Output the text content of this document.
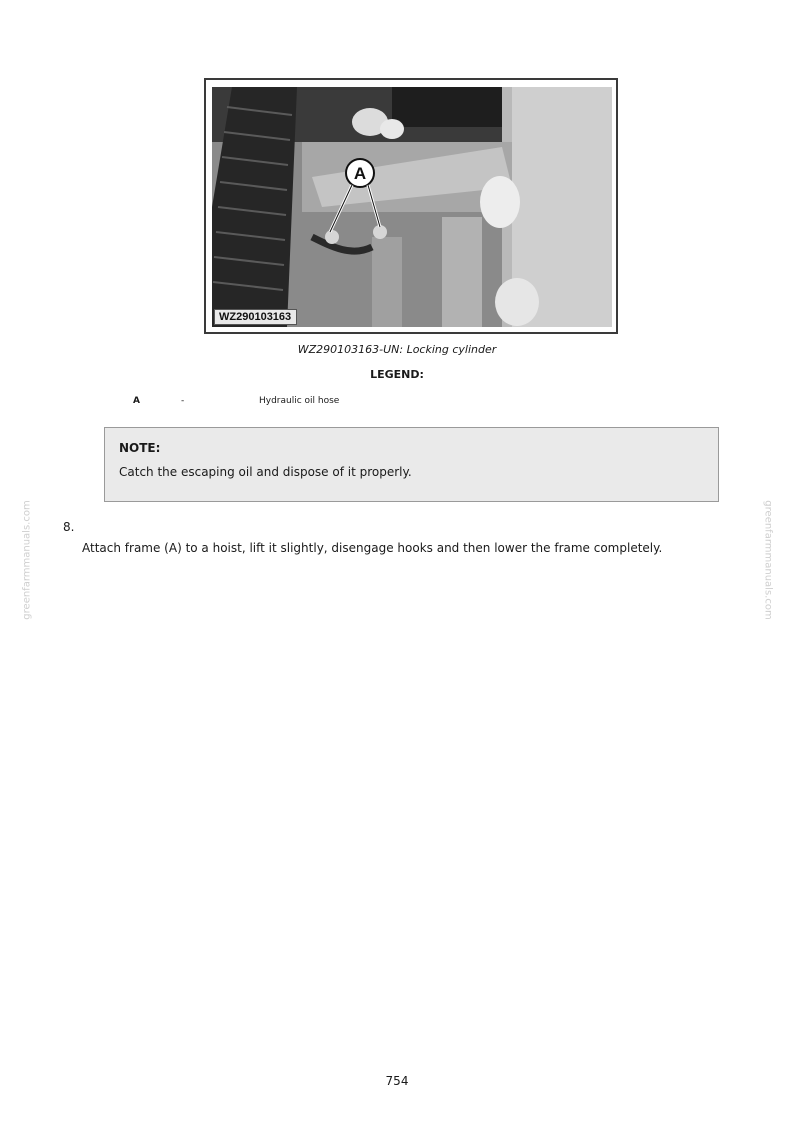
A
WZ290103163
WZ290103163-UN: Locking cylinder
LEGEND:
A	-	Hydraulic oil hose
NOTE:
Catch the escaping oil and dispose of it properly.
8.
Attach frame (A) to a hoist, lift it slightly, disengage hooks and then lower the frame completely.
greenfarmmanuals.com	greenfarmmanuals.com
754
